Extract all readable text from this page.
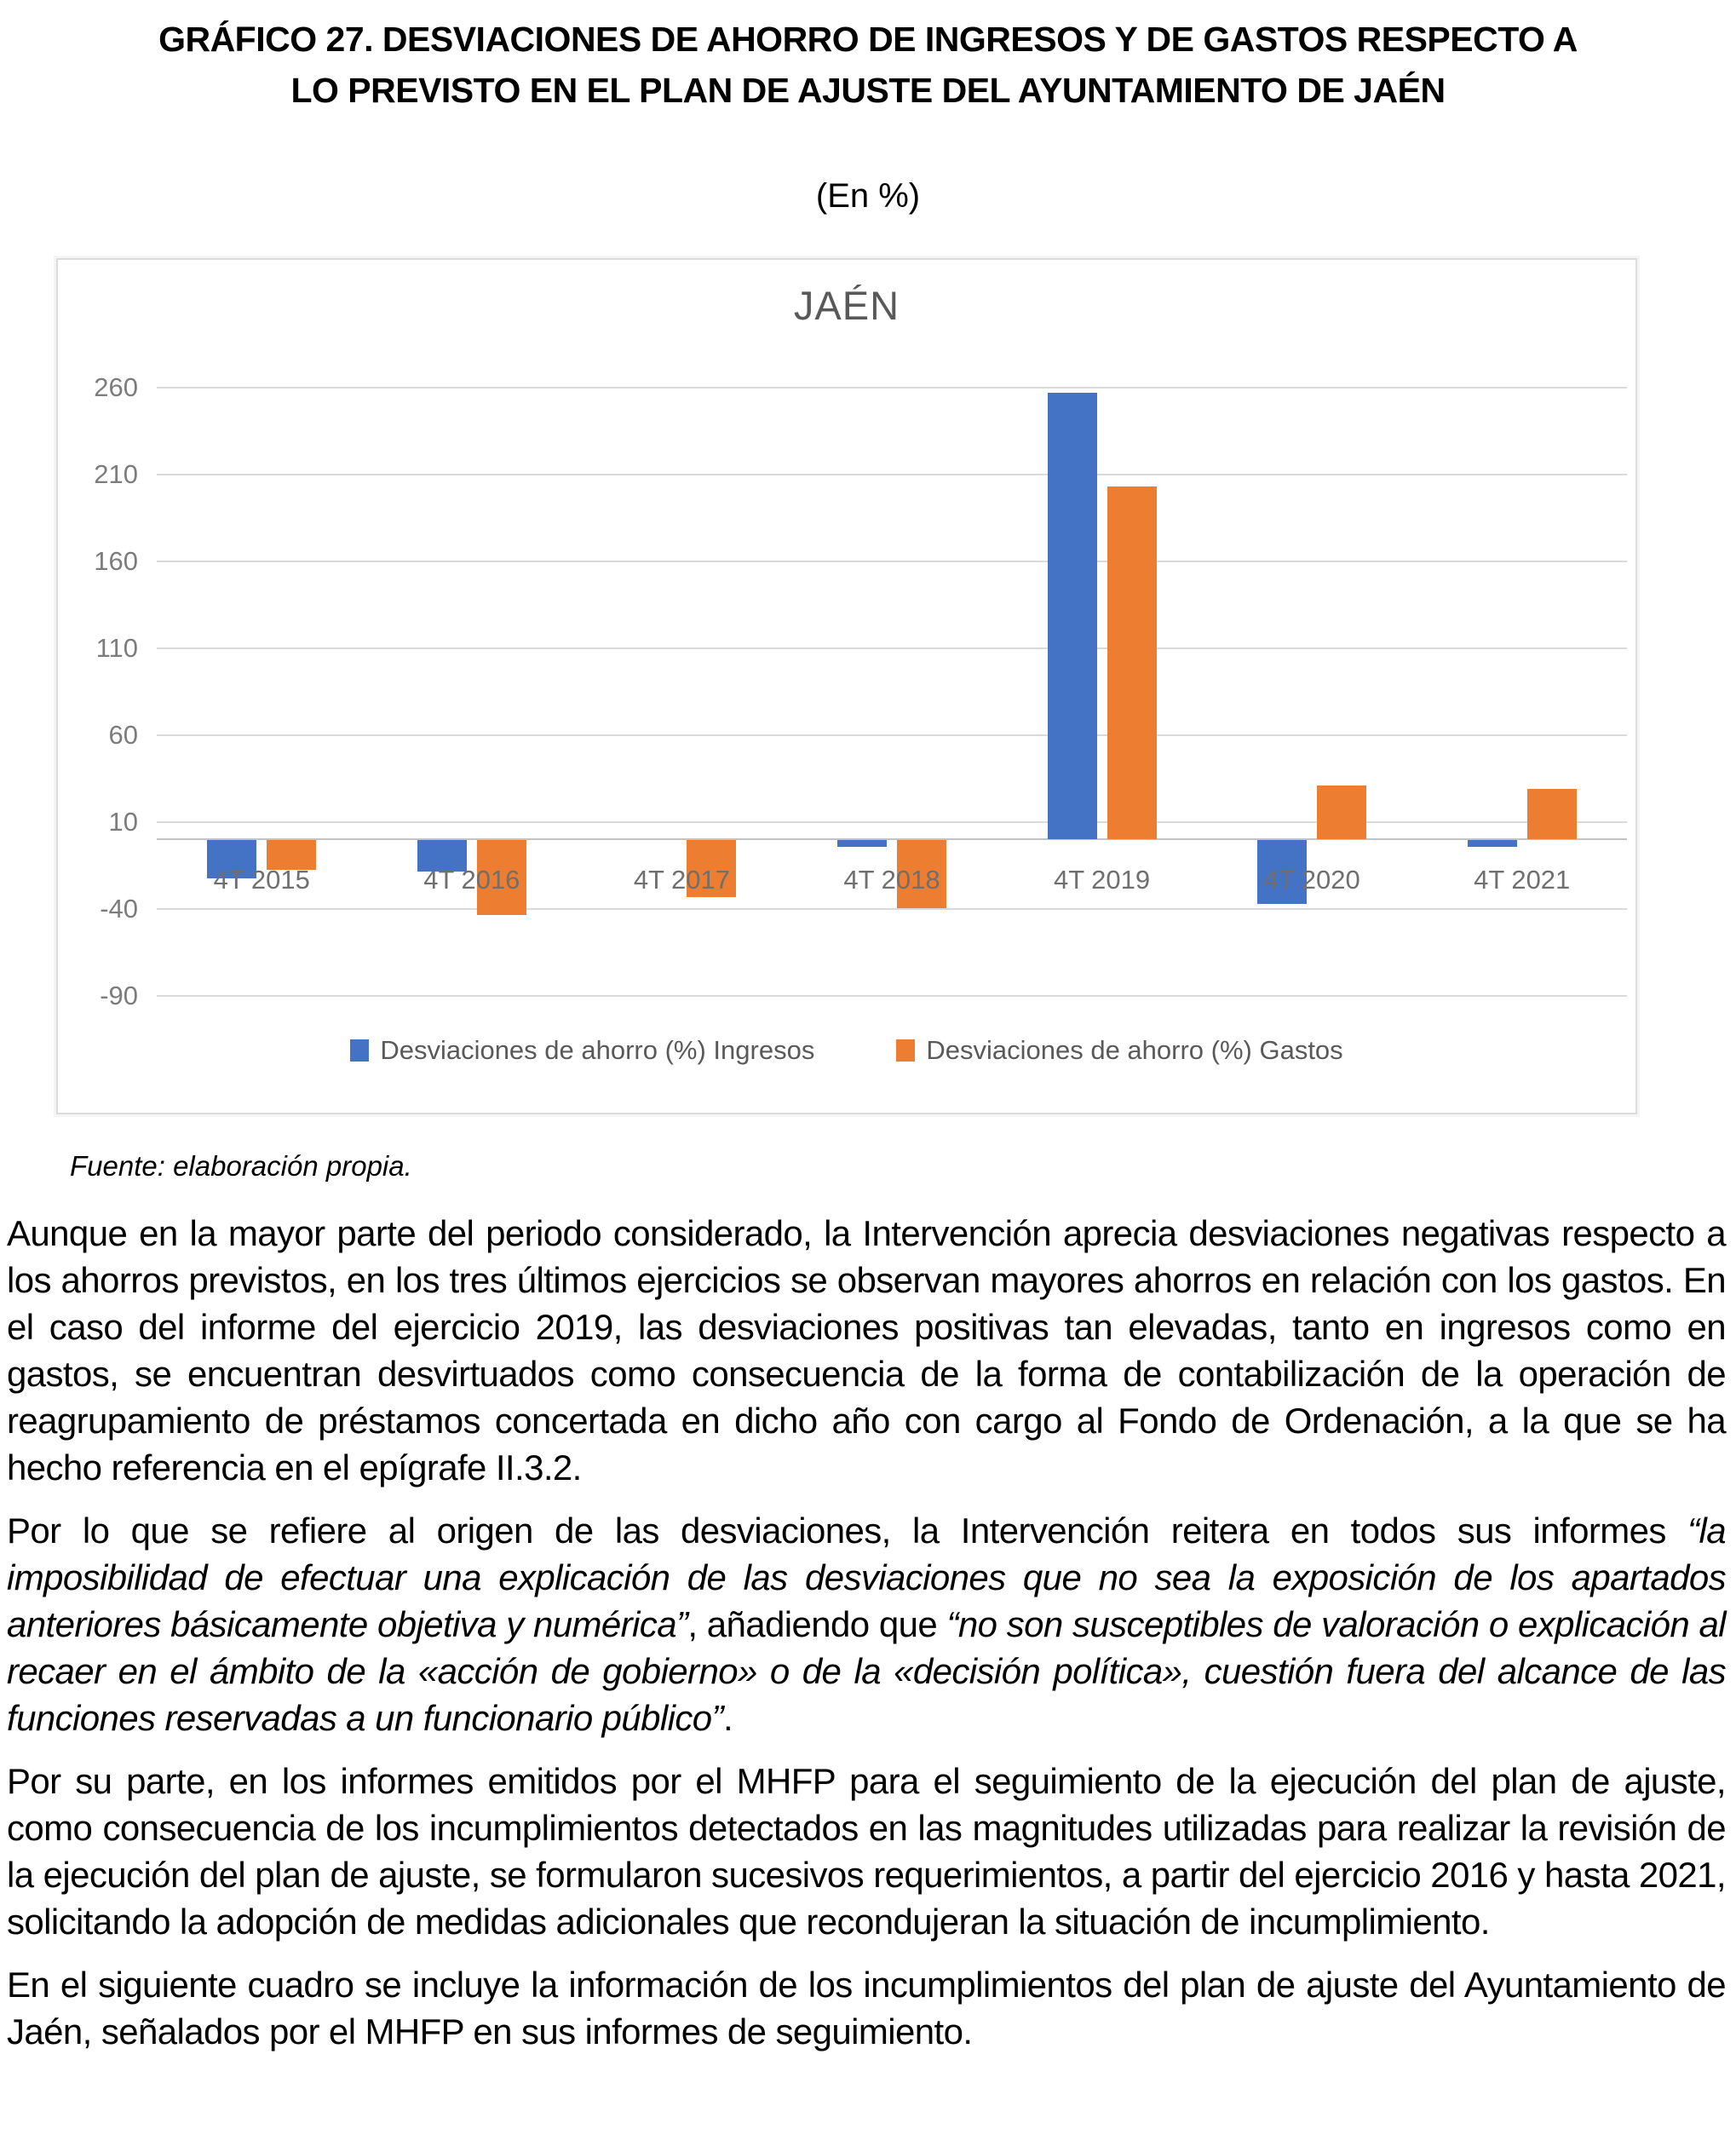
GRÁFICO 27. DESVIACIONES DE AHORRO DE INGRESOS Y DE GASTOS RESPECTO A
LO PREVISTO EN EL PLAN DE AJUSTE DEL AYUNTAMIENTO DE JAÉN
(En %)
JAÉN
Desviaciones de ahorro (%) Ingresos	Desviaciones de ahorro (%) Gastos
260
210
160
110
60
10
-40
-90
4T 2015	4T 2016	4T 2017	4T 2018	4T 2019	4T 2020	4T 2021
Fuente: elaboración propia.

Aunque en la mayor parte del periodo considerado, la Intervención aprecia desviaciones negativas respecto a los ahorros previstos, en los tres últimos ejercicios se observan mayores ahorros en relación con los gastos. En el caso del informe del ejercicio 2019, las desviaciones positivas tan elevadas, tanto en ingresos como en gastos, se encuentran desvirtuados como consecuencia de la forma de contabilización de la operación de reagrupamiento de préstamos concertada en dicho año con cargo al Fondo de Ordenación, a la que se ha hecho referencia en el epígrafe II.3.2.

Por lo que se refiere al origen de las desviaciones, la Intervención reitera en todos sus informes “la imposibilidad de efectuar una explicación de las desviaciones que no sea la exposición de los apartados anteriores básicamente objetiva y numérica”, añadiendo que “no son susceptibles de valoración o explicación al recaer en el ámbito de la «acción de gobierno» o de la «decisión política», cuestión fuera del alcance de las funciones reservadas a un funcionario público”.

Por su parte, en los informes emitidos por el MHFP para el seguimiento de la ejecución del plan de ajuste, como consecuencia de los incumplimientos detectados en las magnitudes utilizadas para realizar la revisión de la ejecución del plan de ajuste, se formularon sucesivos requerimientos, a partir del ejercicio 2016 y hasta 2021, solicitando la adopción de medidas adicionales que recondujeran la situación de incumplimiento.

En el siguiente cuadro se incluye la información de los incumplimientos del plan de ajuste del Ayuntamiento de Jaén, señalados por el MHFP en sus informes de seguimiento.
